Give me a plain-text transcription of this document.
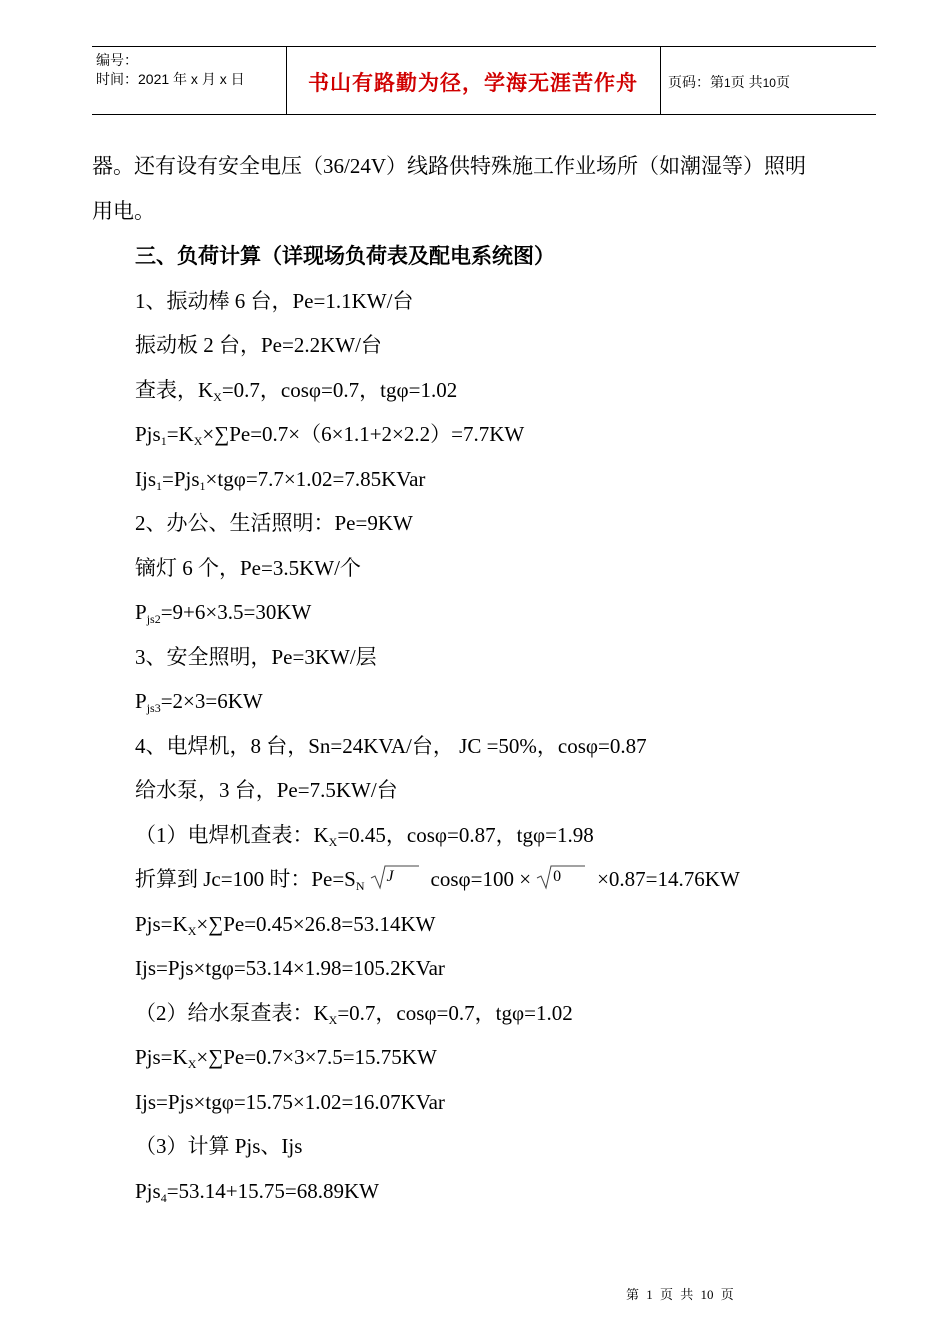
编号：
时间：2021 年 x 月 x 日	书山有路勤为径，学海无涯苦作舟	页码：第1页 共10页
器。还有设有安全电压（36/24V）线路供特殊施工作业场所（如潮湿等）照明
用电。
三、负荷计算（详现场负荷表及配电系统图）
1、振动棒 6 台，Pe=1.1KW/台
振动板 2 台，Pe=2.2KW/台
查表，$K_X=0.7$，cosφ=0.7，tgφ=1.02
$Pjs_1=K_X\times\sum Pe=0.7\times(6\times 1.1+2\times 2.2)=7.7KW$
Ijs$_1$=Pjs$_1$×tgφ=7.7×1.02=7.85KVar
2、办公、生活照明：Pe=9KW
镝灯 6 个，Pe=3.5KW/个
$P_{js2}=9+6\times 3.5=30KW$
3、安全照明，Pe=3KW/层
$P_{js3}=2\times 3=6KW$
4、电焊机，8 台，Sn=24KVA/台， JC =50%，cosφ=0.87
给水泵，3 台，Pe=7.5KW/台
（1）电焊机查表：$K_X=0.45$，cosφ=0.87，tgφ=1.98
折算到 Jc=100 时：$Pe=S_N$
J cosφ=100 × 0 ×0.87=14.76KW
$Pjs=K_X\times\sum Pe=0.45\times 26.8=53.14KW$
Ijs=Pjs×tgφ=53.14×1.98=105.2KVar
（2）给水泵查表：$K_X=0.7$，cosφ=0.7，tgφ=1.02
$Pjs=K_X\times\sum Pe=0.7\times 3\times 7.5=15.75KW$
Ijs=Pjs×tgφ=15.75×1.02=16.07KVar
（3）计算 Pjs、Ijs
Pjs$_4$=53.14+15.75=68.89KW
第 1 页 共 10 页
